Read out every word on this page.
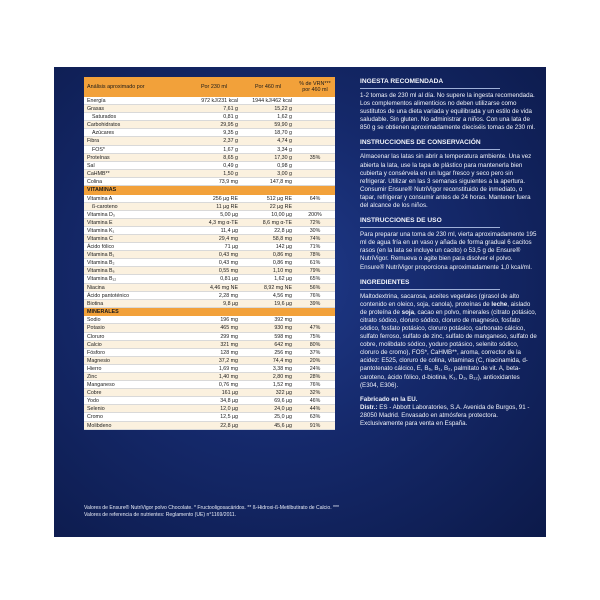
Análisis aproximado por	Por 230 ml	Por 460 ml	% de VRN***
por 460 ml
Energía	972 kJ/231 kcal	1944 kJ/462 kcal
Grasas	7,61 g	15,22 g
Saturados	0,81 g	1,62 g
Carbohidratos	29,95 g	59,90 g
Azúcares	9,35 g	18,70 g
Fibra	2,37 g	4,74 g
FOS*	1,67 g	3,34 g
Proteínas	8,65 g	17,30 g	35%
Sal	0,49 g	0,98 g
CaHMB**	1,50 g	3,00 g
Colina	73,9 mg	147,8 mg
VITAMINAS
Vitamina A	256 µg RE	512 µg RE	64%
ß-caroteno	11 µg RE	22 µg RE
Vitamina D₃	5,00 µg	10,00 µg	200%
Vitamina E	4,3 mg α-TE	8,6 mg α-TE	72%
Vitamina K₁	11,4 µg	22,8 µg	30%
Vitamina C	29,4 mg	58,8 mg	74%
Ácido fólico	71 µg	142 µg	71%
Vitamina B₁	0,43 mg	0,86 mg	78%
Vitamina B₂	0,43 mg	0,86 mg	61%
Vitamina B₆	0,55 mg	1,10 mg	79%
Vitamina B₁₂	0,81 µg	1,62 µg	65%
Niacina	4,46 mg NE	8,92 mg NE	56%
Ácido pantoténico	2,28 mg	4,56 mg	76%
Biotina	9,8 µg	19,6 µg	39%
MINERALES
Sodio	196 mg	392 mg
Potasio	465 mg	930 mg	47%
Cloruro	299 mg	598 mg	75%
Calcio	321 mg	642 mg	80%
Fósforo	128 mg	256 mg	37%
Magnesio	37,2 mg	74,4 mg	20%
Hierro	1,69 mg	3,38 mg	24%
Zinc	1,40 mg	2,80 mg	28%
Manganeso	0,76 mg	1,52 mg	76%
Cobre	161 µg	322 µg	32%
Yodo	34,8 µg	69,6 µg	46%
Selenio	12,0 µg	24,0 µg	44%
Cromo	12,5 µg	25,0 µg	63%
Molibdeno	22,8 µg	45,6 µg	91%
Valores de Ensure® NutriVigor polvo Chocolate. * Fructooligosacáridos. ** ß-Hidroxi-ß-Metilbutirato de Calcio. *** Valores de referencia de nutrientes: Reglamento (UE) n°1169/2011.
INGESTA RECOMENDADA

1-2 tomas de 230 ml al día. No supere la ingesta recomendada. Los complementos alimenticios no deben utilizarse como sustitutos de una dieta variada y equilibrada y un estilo de vida saludable. Sin gluten. No administrar a niños. Con una lata de 850 g se obtienen aproximadamente dieciséis tomas de 230 ml.

INSTRUCCIONES DE CONSERVACIÓN

Almacenar las latas sin abrir a temperatura ambiente. Una vez abierta la lata, use la tapa de plástico para mantenerla bien cubierta y consérvela en un lugar fresco y seco pero sin refrigerar. Utilizar en las 3 semanas siguientes a la apertura. Consumir Ensure® NutriVigor reconstituido de inmediato, o tapar, refrigerar y consumir antes de 24 horas. Mantener fuera del alcance de los niños.

INSTRUCCIONES DE USO

Para preparar una toma de 230 ml, vierta aproximadamente 195 ml de agua fría en un vaso y añada de forma gradual 6 cacitos rasos (en la lata se incluye un cacito) o 53,5 g de Ensure® NutriVigor. Remueva o agite bien para disolver el polvo. Ensure® NutriVigor proporciona aproximadamente 1,0 kcal/ml.

INGREDIENTES

Maltodextrina, sacarosa, aceites vegetales (girasol de alto contenido en oleico, soja, canola), proteínas de leche, aislado de proteína de soja, cacao en polvo, minerales (citrato potásico, citrato sódico, cloruro sódico, cloruro de magnesio, fosfato sódico, fosfato potásico, cloruro potásico, carbonato cálcico, sulfato ferroso, sulfato de zinc, sulfato de manganeso, sulfato de cobre, molibdato sódico, yoduro potásico, selenito sódico, cloruro de cromo), FOS*, CaHMB**, aroma, corrector de la acidez: E525, cloruro de colina, vitaminas (C, niacinamida, d-pantotenato cálcico, E, B₆, B₁, B₂, palmitato de vit. A, beta-caroteno, ácido fólico, d-biotina, K₁, D₃, B₁₂), antioxidantes (E304, E306).

Fabricado en la EU.
Distr.: ES - Abbott Laboratories, S.A. Avenida de Burgos, 91 - 28050 Madrid. Envasado en atmósfera protectora. Exclusivamente para venta en España.
